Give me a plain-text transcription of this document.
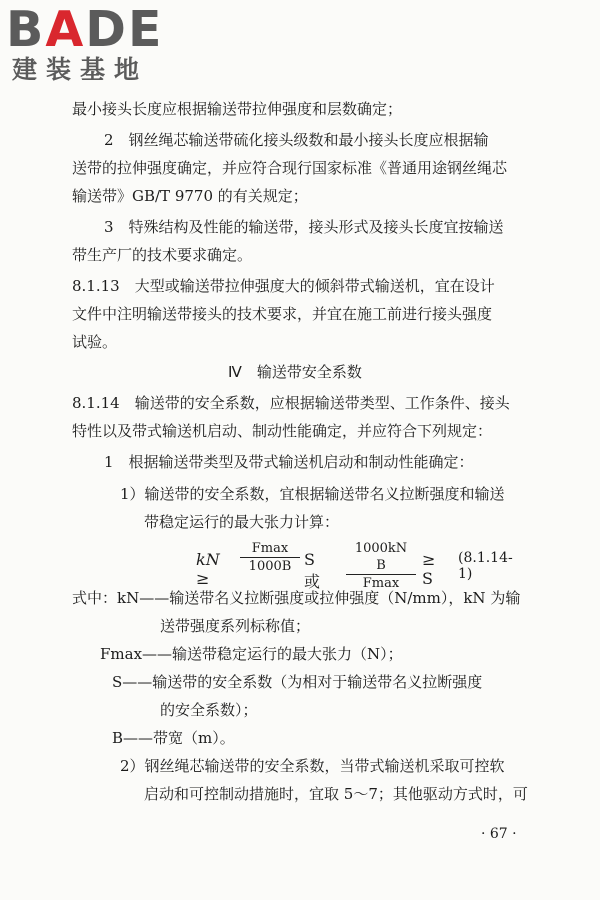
BADE
建装基地
最小接头长度应根据输送带拉伸强度和层数确定；
2　钢丝绳芯输送带硫化接头级数和最小接头长度应根据输
送带的拉伸强度确定，并应符合现行国家标准《普通用途钢丝绳芯
输送带》GB/T 9770 的有关规定；
3　特殊结构及性能的输送带，接头形式及接头长度宜按输送
带生产厂的技术要求确定。
8.1.13　大型或输送带拉伸强度大的倾斜带式输送机，宜在设计
文件中注明输送带接头的技术要求，并宜在施工前进行接头强度
试验。
Ⅳ　输送带安全系数
8.1.14　输送带的安全系数，应根据输送带类型、工作条件、接头
特性以及带式输送机启动、制动性能确定，并应符合下列规定：
1　根据输送带类型及带式输送机启动和制动性能确定：
1）输送带的安全系数，宜根据输送带名义拉断强度和输送
带稳定运行的最大张力计算：
kN ≥
Fmax
1000B S 或
1000kN B
Fmax
≥ S
(8.1.14-1)
式中：kN——输送带名义拉断强度或拉伸强度（N/mm），kN 为输
送带强度系列标称值；
Fmax——输送带稳定运行的最大张力（N）；
S——输送带的安全系数（为相对于输送带名义拉断强度
的安全系数）；
B——带宽（m）。
2）钢丝绳芯输送带的安全系数，当带式输送机采取可控软
启动和可控制动措施时，宜取 5～7；其他驱动方式时，可
· 67 ·
